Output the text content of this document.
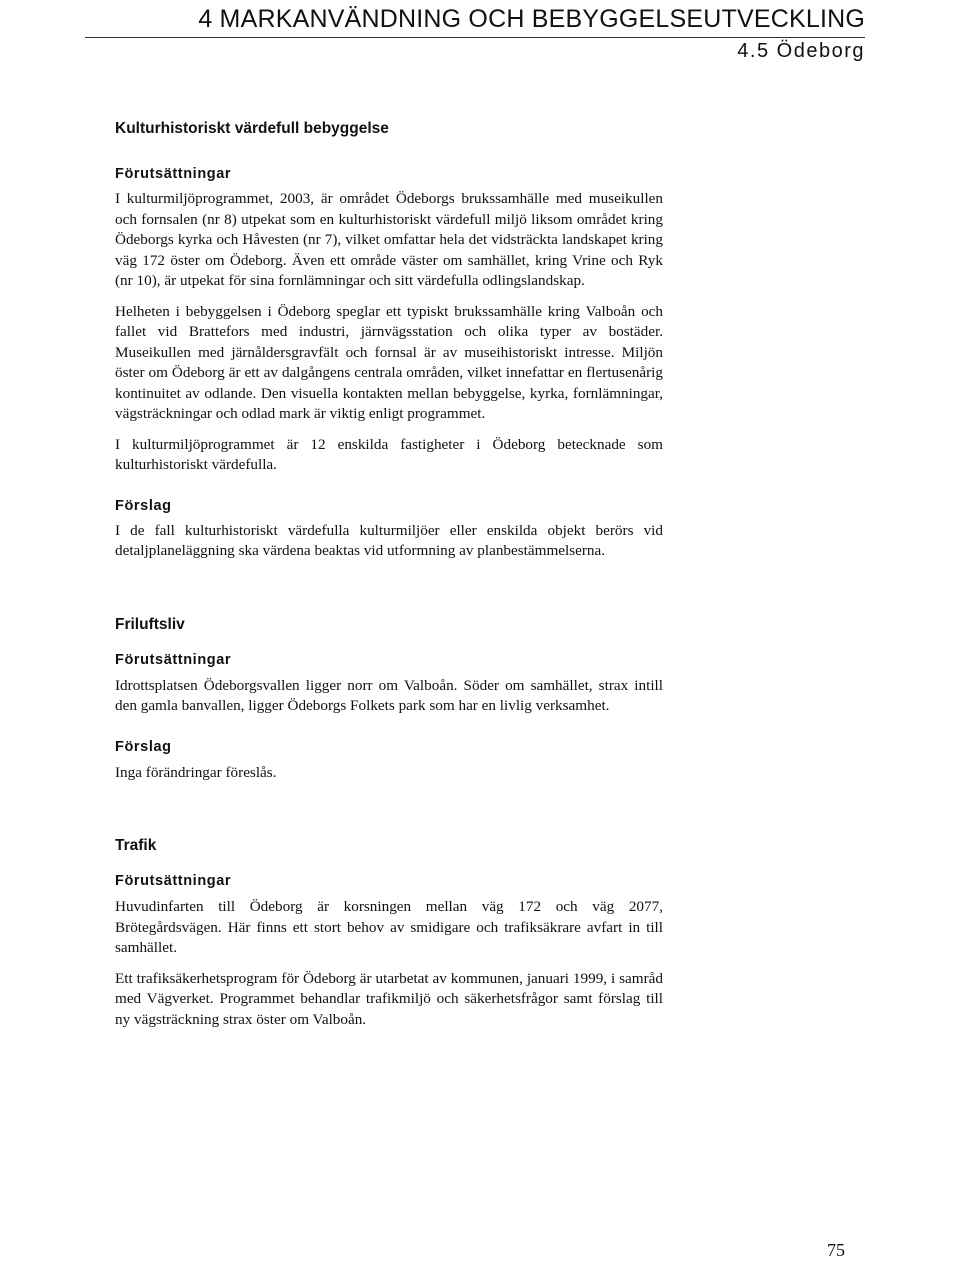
4 MARKANVÄNDNING OCH BEBYGGELSEUTVECKLING
4.5 Ödeborg
Kulturhistoriskt värdefull bebyggelse
Förutsättningar

I kulturmiljöprogrammet, 2003, är området Ödeborgs brukssamhälle med museikullen och fornsalen (nr 8) utpekat som en kulturhistoriskt värdefull miljö liksom området kring Ödeborgs kyrka och Håvesten (nr 7), vilket omfattar hela det vidsträckta landskapet kring väg 172 öster om Ödeborg. Även ett område väster om samhället, kring Vrine och Ryk (nr 10), är utpekat för sina fornlämningar och sitt värdefulla odlingslandskap.

Helheten i bebyggelsen i Ödeborg speglar ett typiskt brukssamhälle kring Valboån och fallet vid Brattefors med industri, järnvägsstation och olika typer av bostäder. Museikullen med järnåldersgravfält och fornsal är av museihistoriskt intresse. Miljön öster om Ödeborg är ett av dalgångens centrala områden, vilket innefattar en flertusenårig kontinuitet av odlande. Den visuella kontakten mellan bebyggelse, kyrka, fornlämningar, vägsträckningar och odlad mark är viktig enligt programmet.

I kulturmiljöprogrammet är 12 enskilda fastigheter i Ödeborg betecknade som kulturhistoriskt värdefulla.

Förslag

I de fall kulturhistoriskt värdefulla kulturmiljöer eller enskilda objekt berörs vid detaljplaneläggning ska värdena beaktas vid utformning av planbestämmelserna.

Friluftsliv
Förutsättningar

Idrottsplatsen Ödeborgsvallen ligger norr om Valboån. Söder om samhället, strax intill den gamla banvallen, ligger Ödeborgs Folkets park som har en livlig verksamhet.

Förslag

Inga förändringar föreslås.

Trafik
Förutsättningar

Huvudinfarten till Ödeborg är korsningen mellan väg 172 och väg 2077, Brötegårdsvägen. Här finns ett stort behov av smidigare och trafiksäkrare avfart in till samhället.

Ett trafiksäkerhetsprogram för Ödeborg är utarbetat av kommunen, januari 1999, i samråd med Vägverket. Programmet behandlar trafikmiljö och säkerhetsfrågor samt förslag till ny vägsträckning strax öster om Valboån.

75
